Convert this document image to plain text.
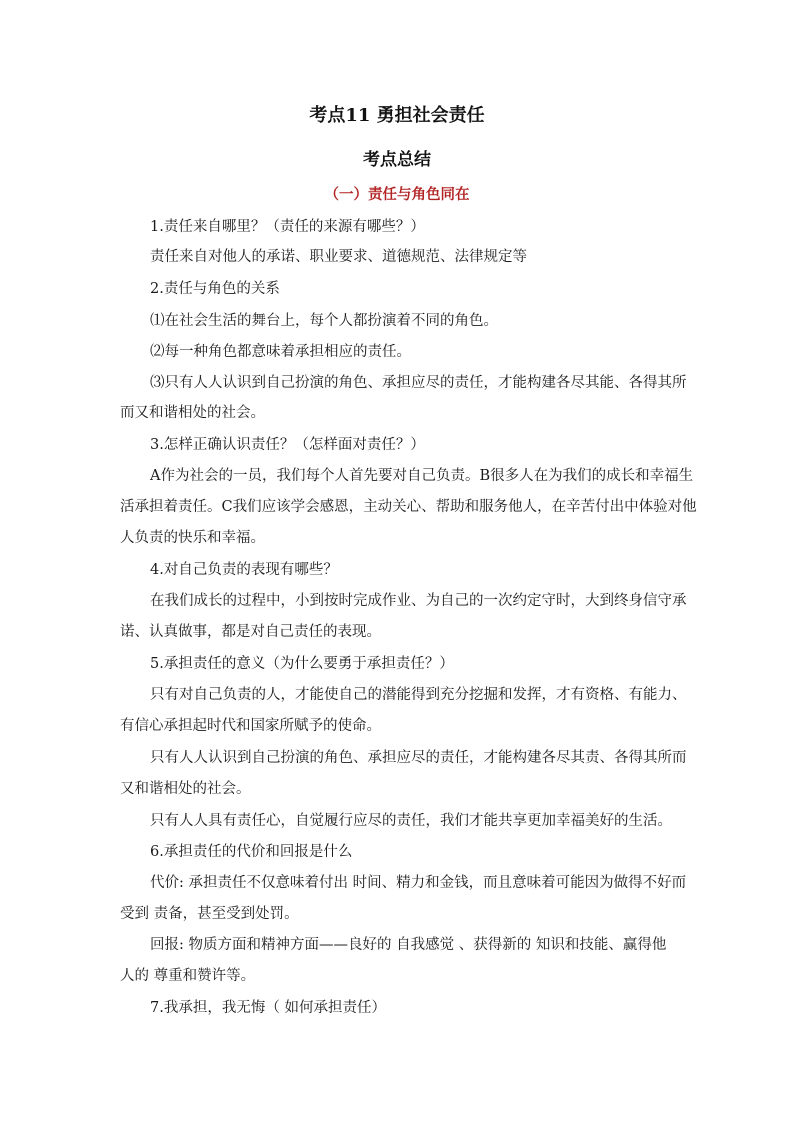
考点11 勇担社会责任
考点总结
（一）责任与角色同在
1.责任来自哪里？（责任的来源有哪些？）
责任来自对他人的承诺、职业要求、道德规范、法律规定等
2.责任与角色的关系
⑴在社会生活的舞台上，每个人都扮演着不同的角色。
⑵每一种角色都意味着承担相应的责任。
⑶只有人人认识到自己扮演的角色、承担应尽的责任，才能构建各尽其能、各得其所
而又和谐相处的社会。
3.怎样正确认识责任？（怎样面对责任？）
A作为社会的一员，我们每个人首先要对自己负责。B很多人在为我们的成长和幸福生
活承担着责任。C我们应该学会感恩，主动关心、帮助和服务他人，在辛苦付出中体验对他
人负责的快乐和幸福。
4.对自己负责的表现有哪些？
在我们成长的过程中，小到按时完成作业、为自己的一次约定守时，大到终身信守承
诺、认真做事，都是对自己责任的表现。
5.承担责任的意义（为什么要勇于承担责任？）
只有对自己负责的人，才能使自己的潜能得到充分挖掘和发挥，才有资格、有能力、
有信心承担起时代和国家所赋予的使命。
只有人人认识到自己扮演的角色、承担应尽的责任，才能构建各尽其责、各得其所而
又和谐相处的社会。
只有人人具有责任心，自觉履行应尽的责任，我们才能共享更加幸福美好的生活。
6.承担责任的代价和回报是什么
代价: 承担责任不仅意味着付出 时间、精力和金钱，而且意味着可能因为做得不好而
受到 责备，甚至受到处罚。
回报: 物质方面和精神方面——良好的 自我感觉 、获得新的 知识和技能、赢得他
人的 尊重和赞许等。
7.我承担，我无悔（ 如何承担责任）
